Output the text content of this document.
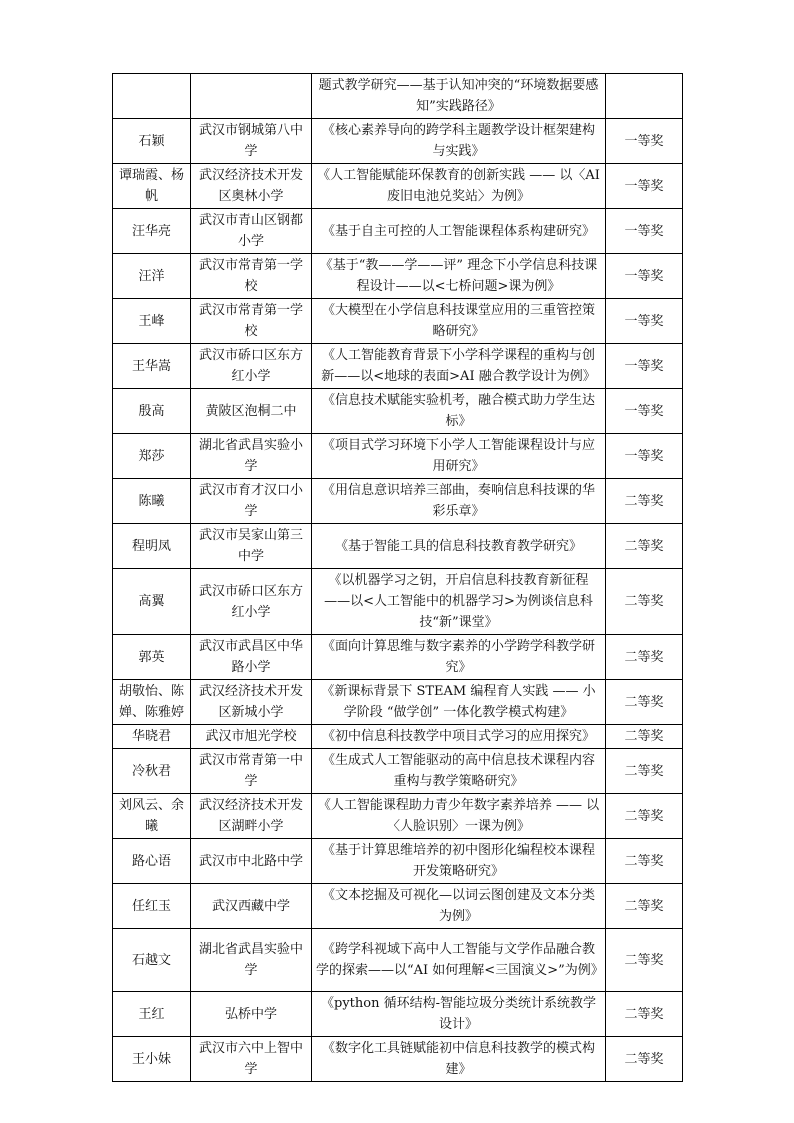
		题式教学研究——基于认知冲突的“环境数据要感知”实践路径》	
石颖	武汉市钢城第八中学	《核心素养导向的跨学科主题教学设计框架建构与实践》	一等奖
谭瑞霞、杨帆	武汉经济技术开发区奥林小学	《人工智能赋能环保教育的创新实践 —— 以〈AI 废旧电池兑奖站〉为例》	一等奖
汪华亮	武汉市青山区钢都小学	《基于自主可控的人工智能课程体系构建研究》	一等奖
汪洋	武汉市常青第一学校	《基于“教——学——评” 理念下小学信息科技课程设计——以<七桥问题>课为例》	一等奖
王峰	武汉市常青第一学校	《大模型在小学信息科技课堂应用的三重管控策略研究》	一等奖
王华嵩	武汉市硚口区东方红小学	《人工智能教育背景下小学科学课程的重构与创新——以<地球的表面>AI 融合教学设计为例》	一等奖
殷高	黄陂区泡桐二中	《信息技术赋能实验机考，融合模式助力学生达标》	一等奖
郑莎	湖北省武昌实验小学	《项目式学习环境下小学人工智能课程设计与应用研究》	一等奖
陈曦	武汉市育才汉口小学	《用信息意识培养三部曲，奏响信息科技课的华彩乐章》	二等奖
程明凤	武汉市吴家山第三中学	《基于智能工具的信息科技教育教学研究》	二等奖
高翼	武汉市硚口区东方红小学	《以机器学习之钥，开启信息科技教育新征程——以<人工智能中的机器学习>为例谈信息科技“新”课堂》	二等奖
郭英	武汉市武昌区中华路小学	《面向计算思维与数字素养的小学跨学科教学研究》	二等奖
胡敬怡、陈婵、陈雅婷	武汉经济技术开发区新城小学	《新课标背景下 STEAM 编程育人实践 —— 小学阶段 “做学创” 一体化教学模式构建》	二等奖
华晓君	武汉市旭光学校	《初中信息科技教学中项目式学习的应用探究》	二等奖
冷秋君	武汉市常青第一中学	《生成式人工智能驱动的高中信息技术课程内容重构与教学策略研究》	二等奖
刘风云、余曦	武汉经济技术开发区湖畔小学	《人工智能课程助力青少年数字素养培养 —— 以〈人脸识别〉一课为例》	二等奖
路心语	武汉市中北路中学	《基于计算思维培养的初中图形化编程校本课程开发策略研究》	二等奖
任红玉	武汉西藏中学	《文本挖掘及可视化—以词云图创建及文本分类为例》	二等奖
石越文	湖北省武昌实验中学	《跨学科视域下高中人工智能与文学作品融合教学的探索——以“AI 如何理解<三国演义>”为例》	二等奖
王红	弘桥中学	《python 循环结构-智能垃圾分类统计系统教学设计》	二等奖
王小妹	武汉市六中上智中学	《数字化工具链赋能初中信息科技教学的模式构建》	二等奖
